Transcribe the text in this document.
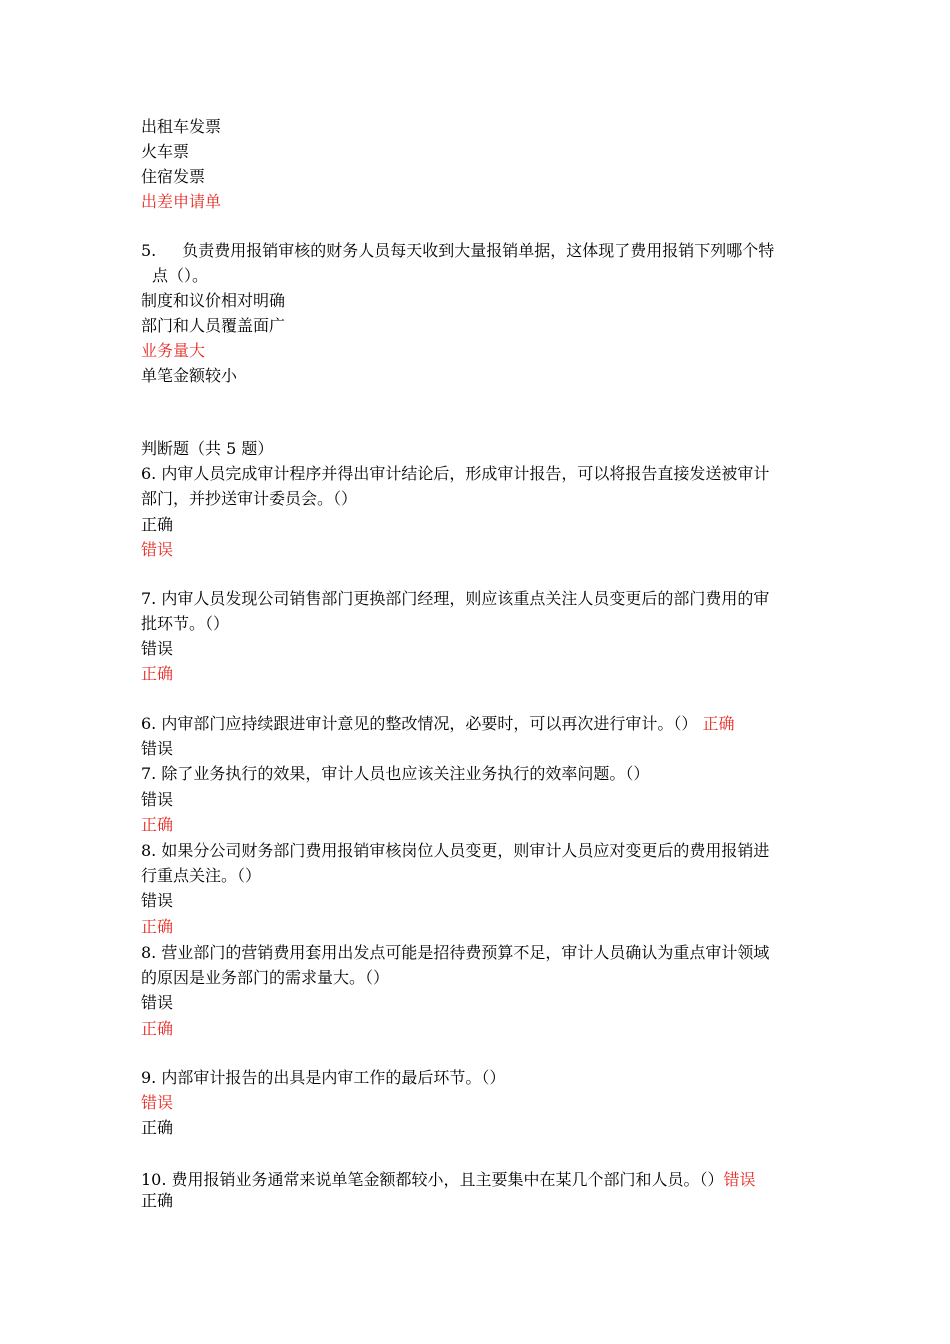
出租车发票
火车票
住宿发票
出差申请单
5. 负责费用报销审核的财务人员每天收到大量报销单据，这体现了费用报销下列哪个特
点（）。
制度和议价相对明确
部门和人员覆盖面广
业务量大
单笔金额较小
判断题（共 5 题）
6. 内审人员完成审计程序并得出审计结论后，形成审计报告，可以将报告直接发送被审计
部门，并抄送审计委员会。（）
正确
错误
7. 内审人员发现公司销售部门更换部门经理，则应该重点关注人员变更后的部门费用的审
批环节。（）
错误
正确
6. 内审部门应持续跟进审计意见的整改情况，必要时，可以再次进行审计。（） 正确
错误
7. 除了业务执行的效果，审计人员也应该关注业务执行的效率问题。（）
错误
正确
8. 如果分公司财务部门费用报销审核岗位人员变更，则审计人员应对变更后的费用报销进
行重点关注。（）
错误
正确
8. 营业部门的营销费用套用出发点可能是招待费预算不足，审计人员确认为重点审计领域
的原因是业务部门的需求量大。（）
错误
正确
9. 内部审计报告的出具是内审工作的最后环节。（）
错误
正确
10. 费用报销业务通常来说单笔金额都较小，且主要集中在某几个部门和人员。（）错误
正确
